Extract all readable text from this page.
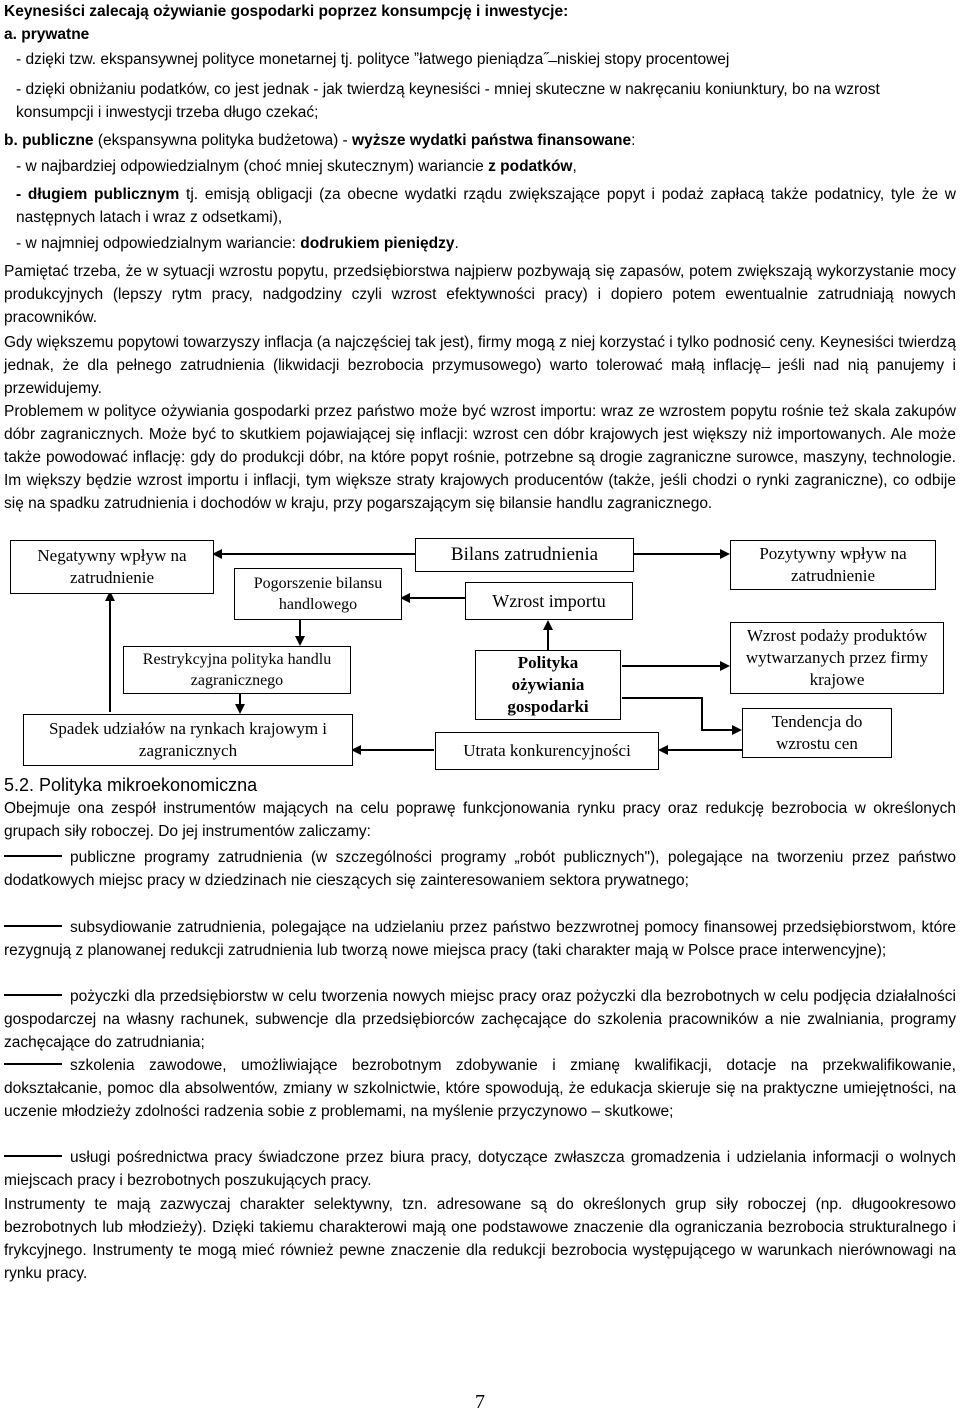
Keynesiści zalecają ożywianie gospodarki poprzez konsumpcję i inwestycje:

a. prywatne

- dzięki tzw. ekspansywnej polityce monetarnej tj. polityce ˮłatwego pieniądza˝ ̶ niskiej stopy procentowej

- dzięki obniżaniu podatków, co jest jednak - jak twierdzą keynesiści - mniej skuteczne w nakręcaniu koniunktury, bo na wzrost konsumpcji i inwestycji trzeba długo czekać;

b. publiczne (ekspansywna polityka budżetowa) - wyższe wydatki państwa finansowane:

- w najbardziej odpowiedzialnym (choć mniej skutecznym) wariancie z podatków,

- długiem publicznym tj. emisją obligacji (za obecne wydatki rządu zwiększające popyt i podaż zapłacą także podatnicy, tyle że w następnych latach i wraz z odsetkami),

- w najmniej odpowiedzialnym wariancie: dodrukiem pieniędzy.

Pamiętać trzeba, że w sytuacji wzrostu popytu, przedsiębiorstwa najpierw pozbywają się zapasów, potem zwiększają wykorzystanie mocy produkcyjnych (lepszy rytm pracy, nadgodziny czyli wzrost efektywności pracy) i dopiero potem ewentualnie zatrudniają nowych pracowników.

Gdy większemu popytowi towarzyszy inflacja (a najczęściej tak jest), firmy mogą z niej korzystać i tylko podnosić ceny. Keynesiści twierdzą jednak, że dla pełnego zatrudnienia (likwidacji bezrobocia przymusowego) warto tolerować małą inflację ̶ jeśli nad nią panujemy i przewidujemy.

Problemem w polityce ożywiania gospodarki przez państwo może być wzrost importu: wraz ze wzrostem popytu rośnie też skala zakupów dóbr zagranicznych. Może być to skutkiem pojawiającej się inflacji: wzrost cen dóbr krajowych jest większy niż importowanych. Ale może także powodować inflację: gdy do produkcji dóbr, na które popyt rośnie, potrzebne są drogie zagraniczne surowce, maszyny, technologie. Im większy będzie wzrost importu i inflacji, tym większe straty krajowych producentów (także, jeśli chodzi o rynki zagraniczne), co odbije się na spadku zatrudnienia i dochodów w kraju, przy pogarszającym się bilansie handlu zagranicznego.

Negatywny wpływ na zatrudnienie	Pogorszenie bilansu handlowego
Restrykcyjna polityka handlu zagranicznego
Spadek udziałów na rynkach krajowym i zagranicznych
Bilans zatrudnienia
Wzrost importu
Polityka ożywiania gospodarki
Utrata konkurencyjności
Pozytywny wpływ na zatrudnienie
Wzrost podaży produktów wytwarzanych przez firmy krajowe
Tendencja do wzrostu cen

5.2. Polityka mikroekonomiczna

Obejmuje ona zespół instrumentów mających na celu poprawę funkcjonowania rynku pracy oraz redukcję bezrobocia w określonych grupach siły roboczej. Do jej instrumentów zaliczamy:

publiczne programy zatrudnienia (w szczególności programy „robót publicznych"), polegające na tworzeniu przez państwo dodatkowych miejsc pracy w dziedzinach nie cieszących się zainteresowaniem sektora prywatnego;

subsydiowanie zatrudnienia, polegające na udzielaniu przez państwo bezzwrotnej pomocy finansowej przedsiębiorstwom, które rezygnują z planowanej redukcji zatrudnienia lub tworzą nowe miejsca pracy (taki charakter mają w Polsce prace interwencyjne);

pożyczki dla przedsiębiorstw w celu tworzenia nowych miejsc pracy oraz pożyczki dla bezrobotnych w celu podjęcia działalności gospodarczej na własny rachunek, subwencje dla przedsiębiorców zachęcające do szkolenia pracowników a nie zwalniania, programy zachęcające do zatrudniania;

szkolenia zawodowe, umożliwiające bezrobotnym zdobywanie i zmianę kwalifikacji, dotacje na przekwalifikowanie, dokształcanie, pomoc dla absolwentów, zmiany w szkolnictwie, które spowodują, że edukacja skieruje się na praktyczne umiejętności, na uczenie młodzieży zdolności radzenia sobie z problemami, na myślenie przyczynowo – skutkowe;

usługi pośrednictwa pracy świadczone przez biura pracy, dotyczące zwłaszcza gromadzenia i udzielania informacji o wolnych miejscach pracy i bezrobotnych poszukujących pracy.

Instrumenty te mają zazwyczaj charakter selektywny, tzn. adresowane są do określonych grup siły roboczej (np. długookresowo bezrobotnych lub młodzieży). Dzięki takiemu charakterowi mają one podstawowe znaczenie dla ograniczania bezrobocia strukturalnego i frykcyjnego. Instrumenty te mogą mieć również pewne znaczenie dla redukcji bezrobocia występującego w warunkach nierównowagi na rynku pracy.

7
